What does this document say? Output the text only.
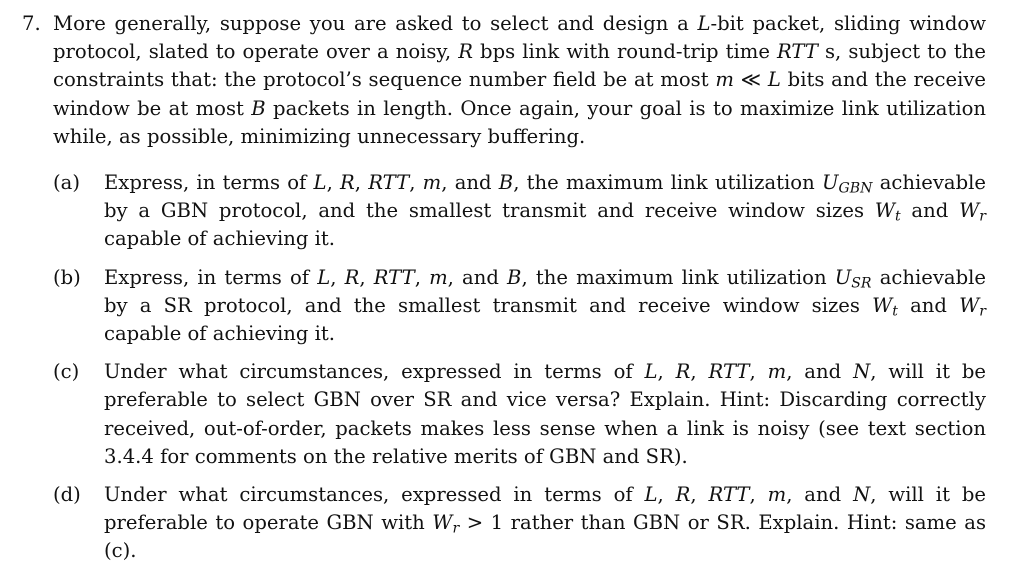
7. More generally, suppose you are asked to select and design a L-bit packet, sliding window protocol, slated to operate over a noisy, R bps link with round-trip time RTT s, subject to the constraints that: the protocol’s sequence number field be at most m ≪ L bits and the receive window be at most B packets in length. Once again, your goal is to maximize link utilization while, as possible, minimizing unnecessary buffering.

(a)	Express, in terms of L, R, RTT, m, and B, the maximum link utilization $U_{GBN}$ achievable by a GBN protocol, and the smallest transmit and receive window sizes $W_t$ and $W_r$ capable of achieving it.
(b)	Express, in terms of L, R, RTT, m, and B, the maximum link utilization $U_{SR}$ achievable by a SR protocol, and the smallest transmit and receive window sizes $W_t$ and $W_r$ capable of achieving it.
(c)	Under what circumstances, expressed in terms of L, R, RTT, m, and N, will it be preferable to select GBN over SR and vice versa? Explain. Hint: Discarding correctly received, out-of-order, packets makes less sense when a link is noisy (see text section 3.4.4 for comments on the relative merits of GBN and SR).
(d)	Under what circumstances, expressed in terms of L, R, RTT, m, and N, will it be preferable to operate GBN with $W_r > 1$ rather than GBN or SR. Explain. Hint: same as (c).
